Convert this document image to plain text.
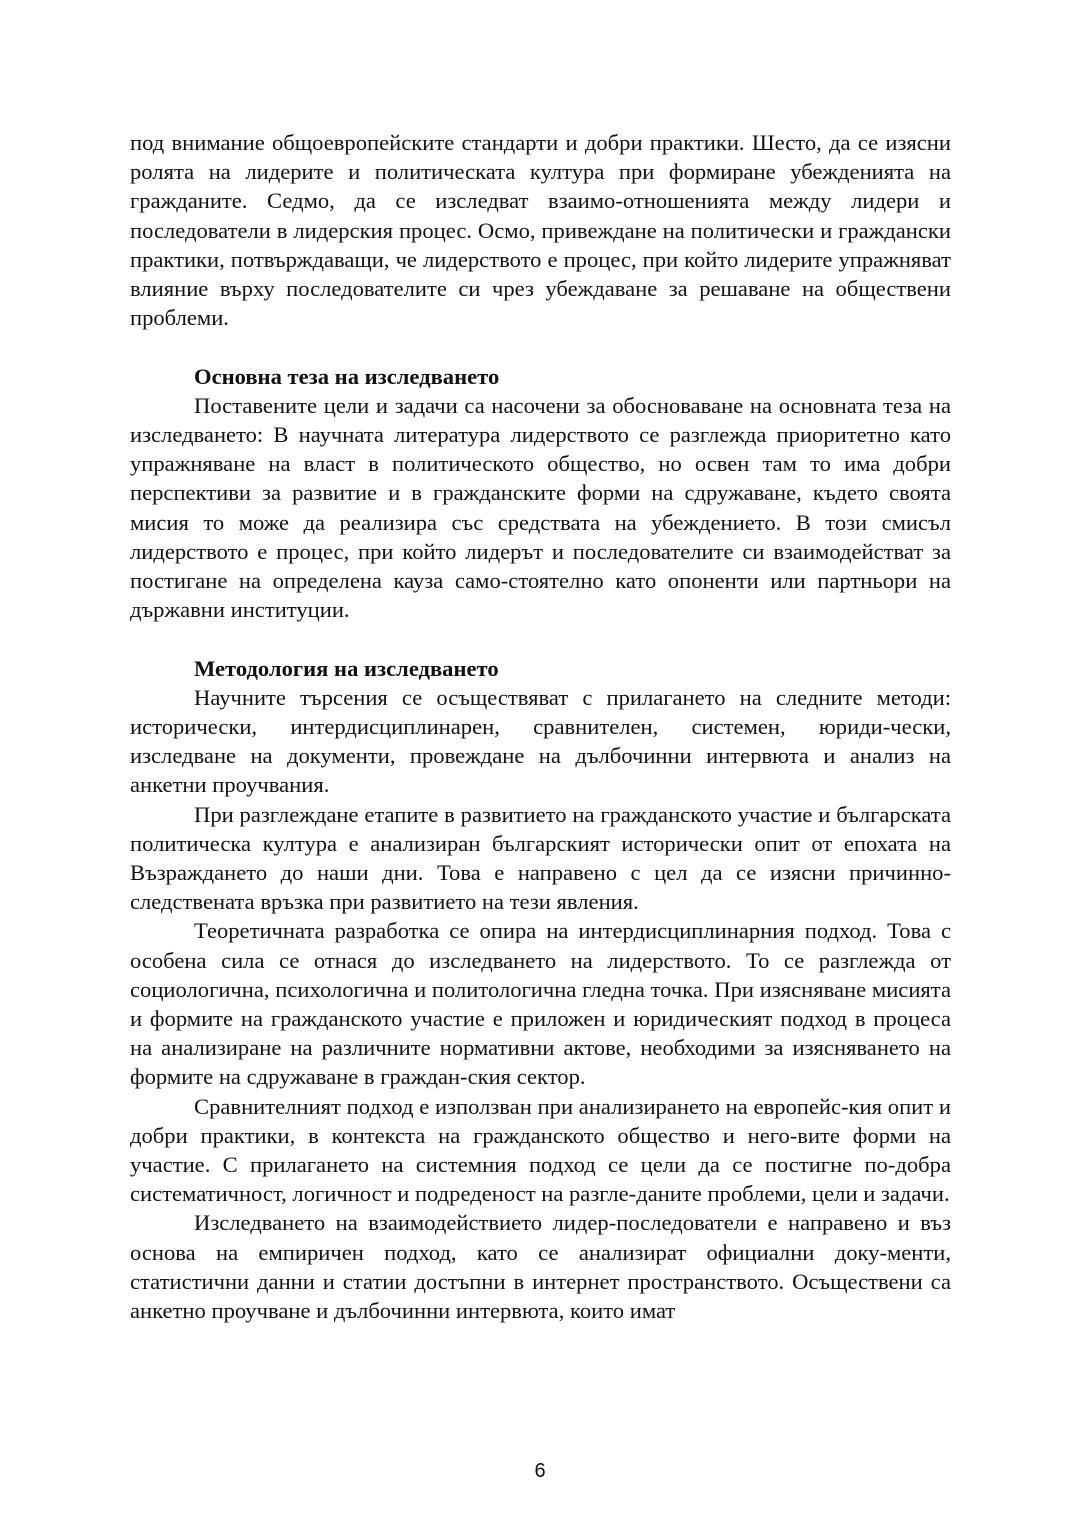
под внимание общоевропейските стандарти и добри практики. Шесто, да се изясни ролята на лидерите и политическата култура при формиране убежденията на гражданите. Седмо, да се изследват взаимо-отношенията между лидери и последователи в лидерския процес. Осмо, привеждане на политически и граждански практики, потвърждаващи, че лидерството е процес, при който лидерите упражняват влияние върху последователите си чрез убеждаване за решаване на обществени проблеми.

Основна теза на изследването

Поставените цели и задачи са насочени за обосноваване на основната теза на изследването: В научната литература лидерството се разглежда приоритетно като упражняване на власт в политическото общество, но освен там то има добри перспективи за развитие и в гражданските форми на сдружаване, където своята мисия то може да реализира със средствата на убеждението. В този смисъл лидерството е процес, при който лидерът и последователите си взаимодействат за постигане на определена кауза само-стоятелно като опоненти или партньори на държавни институции.

Методология на изследването

Научните търсения се осъществяват с прилагането на следните методи: исторически, интердисциплинарен, сравнителен, системен, юриди-чески, изследване на документи, провеждане на дълбочинни интервюта и анализ на анкетни проучвания.

При разглеждане етапите в развитието на гражданското участие и българската политическа култура е анализиран българският исторически опит от епохата на Възраждането до наши дни. Това е направено с цел да се изясни причинно-следствената връзка при развитието на тези явления.

Теоретичната разработка се опира на интердисциплинарния подход. Това с особена сила се отнася до изследването на лидерството. То се разглежда от социологична, психологична и политологична гледна точка. При изясняване мисията и формите на гражданското участие е приложен и юридическият подход в процеса на анализиране на различните нормативни актове, необходими за изясняването на формите на сдружаване в граждан-ския сектор.

Сравнителният подход е използван при анализирането на европейс-кия опит и добри практики, в контекста на гражданското общество и него-вите форми на участие. С прилагането на системния подход се цели да се постигне по-добра систематичност, логичност и подреденост на разгле-даните проблеми, цели и задачи.

Изследването на взаимодействието лидер-последователи е направено и въз основа на емпиричен подход, като се анализират официални доку-менти, статистични данни и статии достъпни в интернет пространството. Осъществени са анкетно проучване и дълбочинни интервюта, които имат

6
